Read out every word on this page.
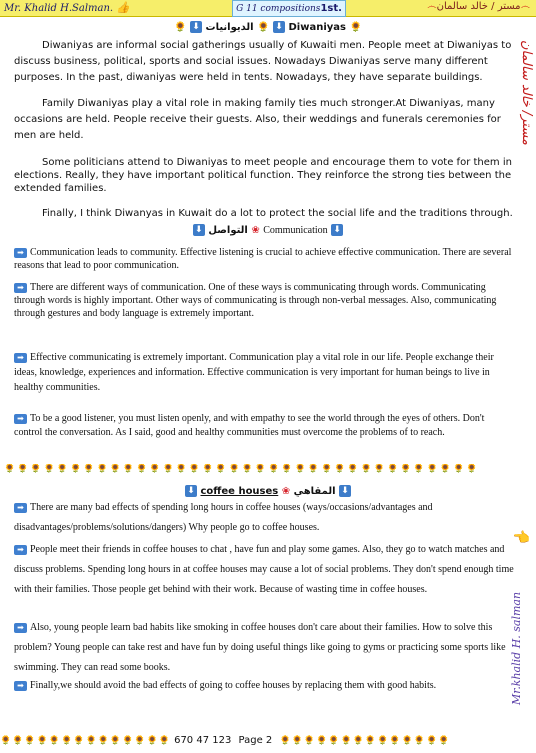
Mr. Khalid H.Salman. 👍	G 11 compositions1st.	෴مستر / خالد سالمان෴
مستر/ خالد سالمان
👈
Mr.khalid H. salman
🌻 ⬇ الديوانيات 🌻 ⬇ Diwaniyas 🌻
Diwaniyas are informal social gatherings usually of Kuwaiti men. People meet at Diwaniyas to discuss business, political, sports and social issues. Nowadays Diwaniyas serve many different purposes. In the past, diwaniyas were held in tents. Nowadays, they have separate buildings.
Family Diwaniyas play a vital role in making family ties much stronger.At Diwaniyas, many occasions are held. People receive their guests. Also, their weddings and funerals ceremonies for men are held.
Some politicians attend to Diwaniyas to meet people and encourage them to vote for them in elections. Really, they have important political function. They reinforce the strong ties between the extended families.
Finally, I think Diwanyas in Kuwait do a lot to protect the social life and the traditions through.
⬇ التواصل ❀ Communication ⬇
➡ Communication leads to community. Effective listening is crucial to achieve effective communication. There are several reasons that lead to poor communication.
➡ There are different ways of communication. One of these ways is communicating through words. Communicating through words is highly important. Other ways of communicating is through non-verbal messages. Also, communicating through gestures and body language is extremely important.
➡ Effective communicating is extremely important. Communication play a vital role in our life. People exchange their ideas, knowledge, experiences and information. Effective communication is very important for human beings to live in healthy communities.
➡ To be a good listener, you must listen openly, and with empathy to see the world through the eyes of others. Don't control the conversation. As I said, good and healthy communities must overcome the problems of to reach.
🌻🌻🌻🌻🌻🌻🌻🌻🌻🌻🌻🌻🌻🌻🌻🌻🌻🌻🌻🌻🌻🌻🌻🌻🌻🌻🌻🌻🌻🌻🌻🌻🌻🌻🌻🌻
⬇ coffee houses ❀ المقاهي ⬇
➡ There are many bad effects of spending long hours in coffee houses (ways/occasions/advantages and disadvantages/problems/solutions/dangers) Why people go to coffee houses.
➡ People meet their friends in coffee houses to chat , have fun and play some games. Also, they go to watch matches and discuss problems. Spending long hours in at coffee houses may cause a lot of social problems. They don't spend enough time with their families. Those people get behind with their work. Because of wasting time in coffee houses.
➡ Also, young people learn bad habits like smoking in coffee houses don't care about their families. How to solve this problem? Young people can take rest and have fun by doing useful things like going to gyms or practicing some sports like swimming. They can read some books.
➡ Finally,we should avoid the bad effects of going to coffee houses by replacing them with good habits.
🌻🌻🌻🌻🌻🌻🌻🌻🌻🌻🌻🌻🌻🌻 670 47 123 Page 2 🌻🌻🌻🌻🌻🌻🌻🌻🌻🌻🌻🌻🌻🌻
